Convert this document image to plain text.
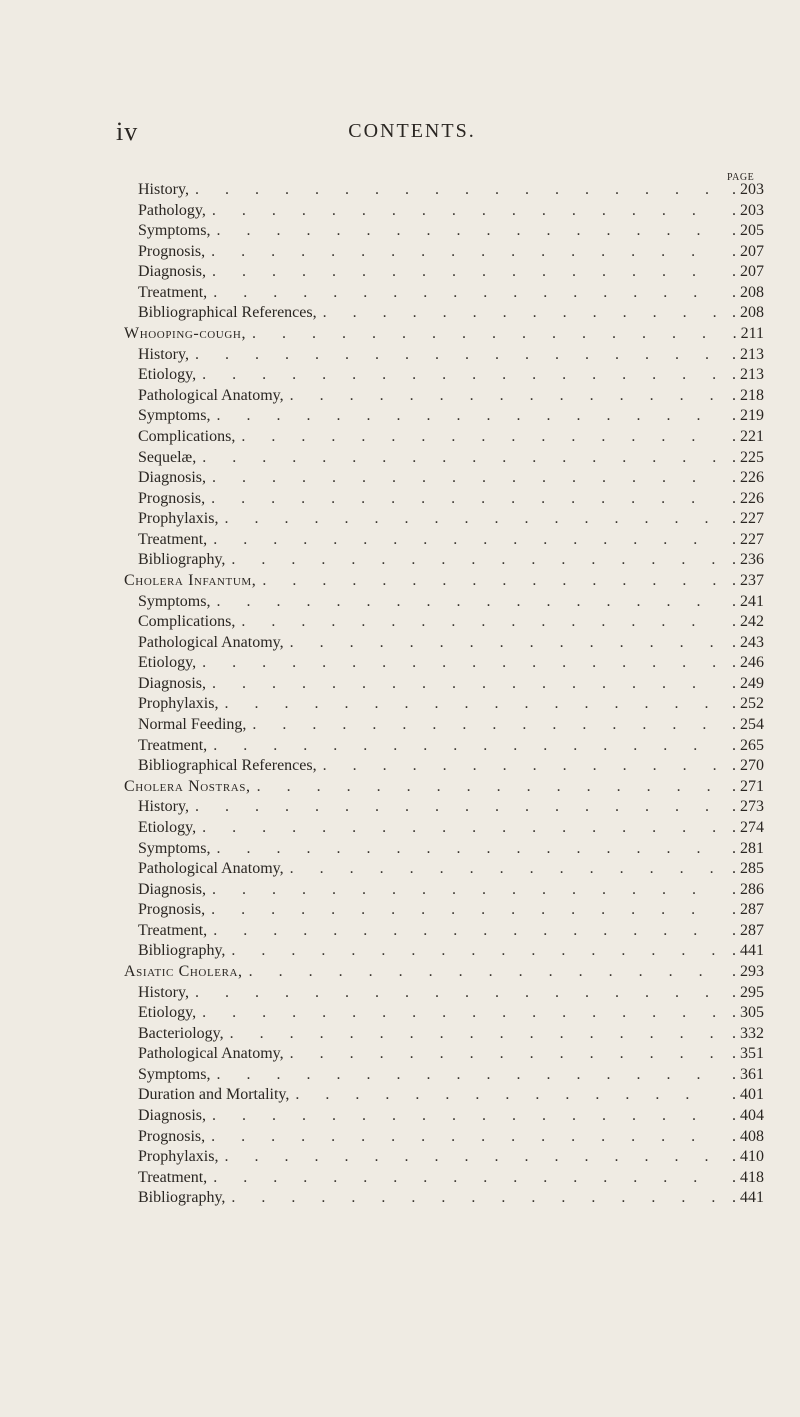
iv	CONTENTS.
PAGE
History, . . .	. 203
Pathology, . . .	. 203
Symptoms, . . .	. 205
Prognosis, . . .	. 207
Diagnosis, . . .	. 207
Treatment, . . .	. 208
Bibliographical References, . . .	. 208
Whooping-cough, . . .	. 211
History, . . .	. 213
Etiology, . . .	. 213
Pathological Anatomy, . . .	. 218
Symptoms, . . .	. 219
Complications, . . .	. 221
Sequelæ, . . .	. 225
Diagnosis, . . .	. 226
Prognosis, . . .	. 226
Prophylaxis, . . .	. 227
Treatment, . . .	. 227
Bibliography, . . .	. 236
Cholera Infantum, . . .	. 237
Symptoms, . . .	. 241
Complications, . . .	. 242
Pathological Anatomy, . . .	. 243
Etiology, . . .	. 246
Diagnosis, . . .	. 249
Prophylaxis, . . .	. 252
Normal Feeding, . . .	. 254
Treatment, . . .	. 265
Bibliographical References, . . .	. 270
Cholera Nostras, . . .	. 271
History, . . .	. 273
Etiology, . . .	. 274
Symptoms, . . .	. 281
Pathological Anatomy, . . .	. 285
Diagnosis, . . .	. 286
Prognosis, . . .	. 287
Treatment, . . .	. 287
Bibliography, . . .	. 441
Asiatic Cholera, . . .	. 293
History, . . .	. 295
Etiology, . . .	. 305
Bacteriology, . . .	. 332
Pathological Anatomy, . . .	. 351
Symptoms, . . .	. 361
Duration and Mortality, . . .	. 401
Diagnosis, . . .	. 404
Prognosis, . . .	. 408
Prophylaxis, . . .	. 410
Treatment, . . .	. 418
Bibliography, . . .	. 441
